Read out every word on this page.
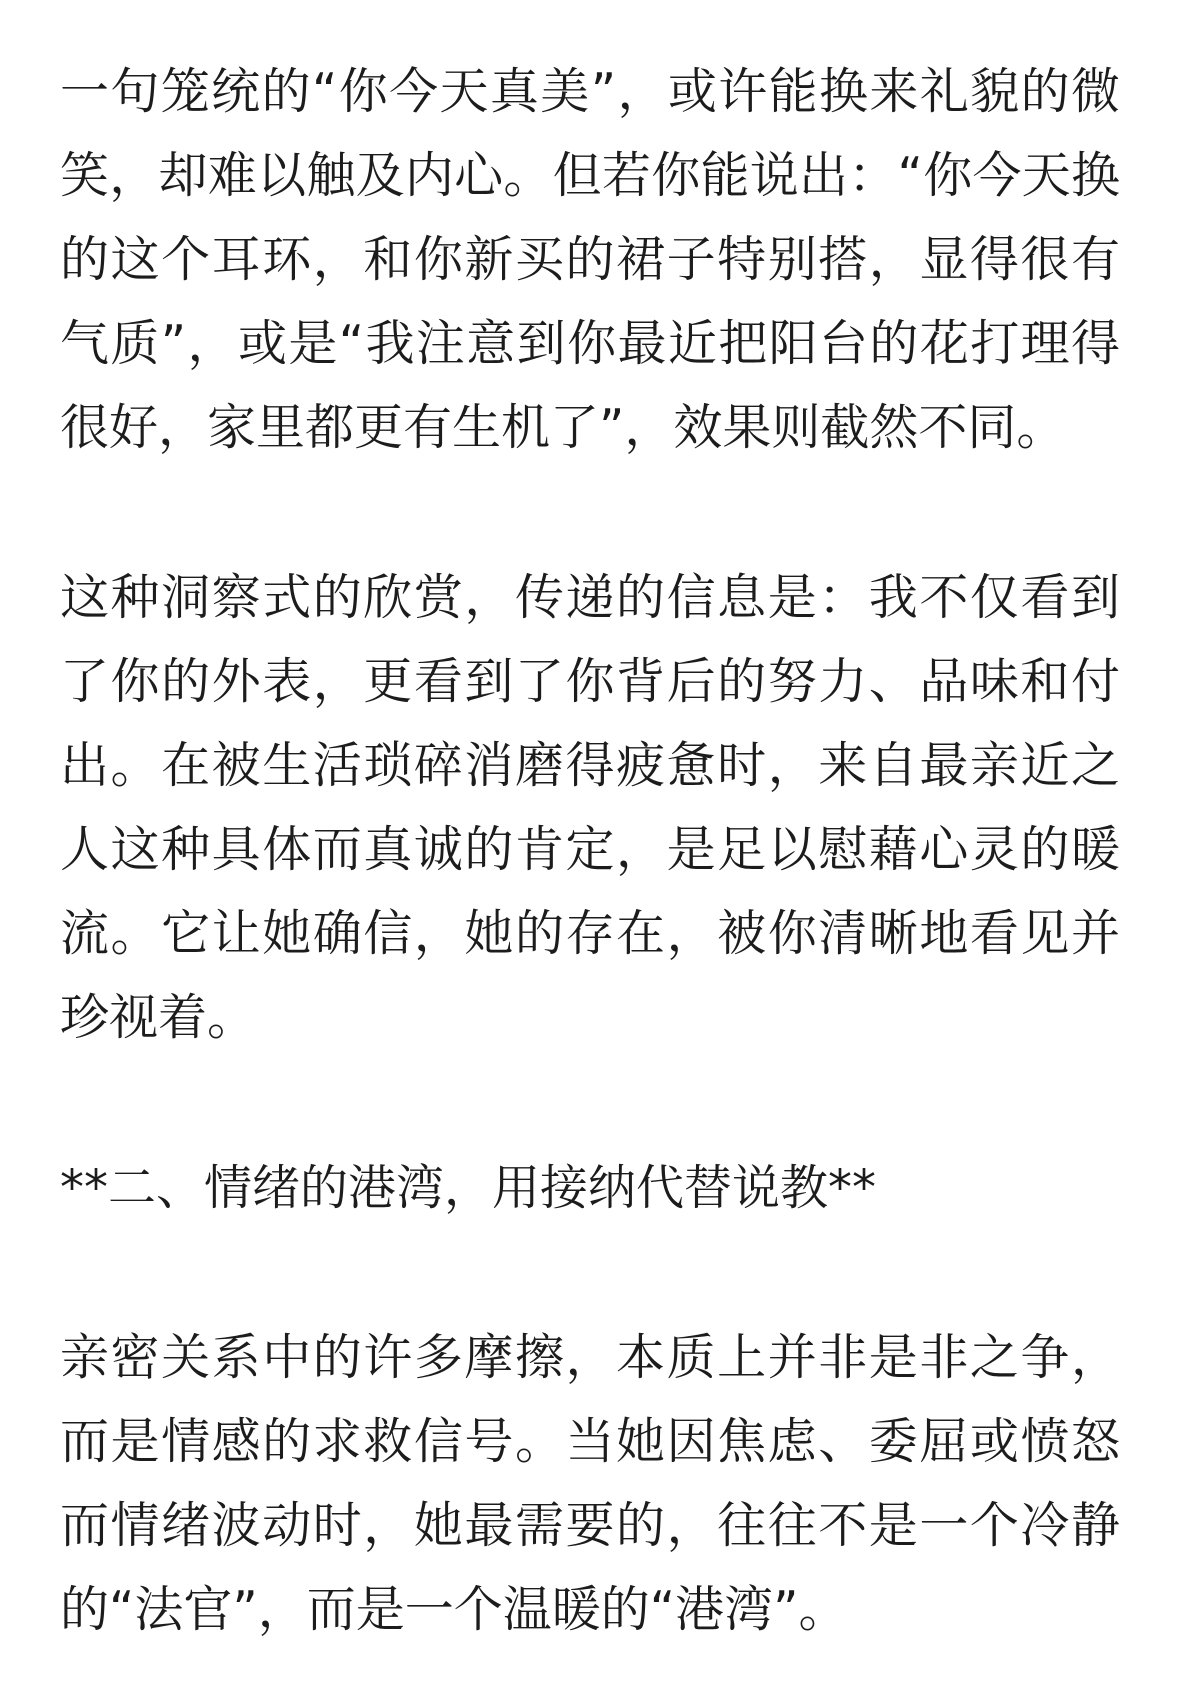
一句笼统的“你今天真美”，或许能换来礼貌的微笑，却难以触及内心。但若你能说出：“你今天换的这个耳环，和你新买的裙子特别搭，显得很有气质”，或是“我注意到你最近把阳台的花打理得很好，家里都更有生机了”，效果则截然不同。

这种洞察式的欣赏，传递的信息是：我不仅看到了你的外表，更看到了你背后的努力、品味和付出。在被生活琐碎消磨得疲惫时，来自最亲近之人这种具体而真诚的肯定，是足以慰藉心灵的暖流。它让她确信，她的存在，被你清晰地看见并珍视着。

**二、情绪的港湾，用接纳代替说教**

亲密关系中的许多摩擦，本质上并非是非之争，而是情感的求救信号。当她因焦虑、委屈或愤怒而情绪波动时，她最需要的，往往不是一个冷静的“法官”，而是一个温暖的“港湾”。
